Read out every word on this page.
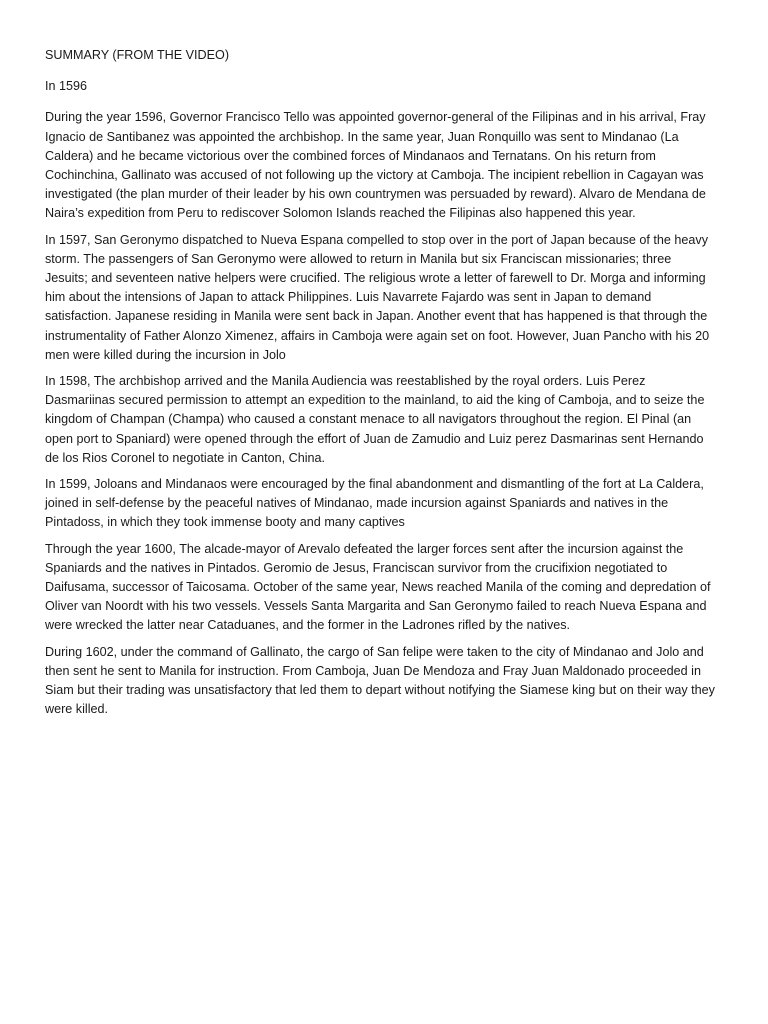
SUMMARY (FROM THE VIDEO)

In 1596

During the year 1596, Governor Francisco Tello was appointed governor-general of the Filipinas and in his arrival, Fray Ignacio de Santibanez was appointed the archbishop. In the same year, Juan Ronquillo was sent to Mindanao (La Caldera) and he became victorious over the combined forces of Mindanaos and Ternatans. On his return from Cochinchina, Gallinato was accused of not following up the victory at Camboja. The incipient rebellion in Cagayan was investigated (the plan murder of their leader by his own countrymen was persuaded by reward). Alvaro de Mendana de Naira’s expedition from Peru to rediscover Solomon Islands reached the Filipinas also happened this year.

In 1597, San Geronymo dispatched to Nueva Espana compelled to stop over in the port of Japan because of the heavy storm. The passengers of San Geronymo were allowed to return in Manila but six Franciscan missionaries; three Jesuits; and seventeen native helpers were crucified. The religious wrote a letter of farewell to Dr. Morga and informing him about the intensions of Japan to attack Philippines. Luis Navarrete Fajardo was sent in Japan to demand satisfaction. Japanese residing in Manila were sent back in Japan. Another event that has happened is that through the instrumentality of Father Alonzo Ximenez, affairs in Camboja were again set on foot. However, Juan Pancho with his 20 men were killed during the incursion in Jolo

In 1598, The archbishop arrived and the Manila Audiencia was reestablished by the royal orders. Luis Perez Dasmariinas secured permission to attempt an expedition to the mainland, to aid the king of Camboja, and to seize the kingdom of Champan (Champa) who caused a constant menace to all navigators throughout the region. El Pinal (an open port to Spaniard) were opened through the effort of Juan de Zamudio and Luiz perez Dasmarinas sent Hernando de los Rios Coronel to negotiate in Canton, China.

In 1599, Joloans and Mindanaos were encouraged by the final abandonment and dismantling of the fort at La Caldera, joined in self-defense by the peaceful natives of Mindanao, made incursion against Spaniards and natives in the Pintadoss, in which they took immense booty and many captives

Through the year 1600, The alcade-mayor of Arevalo defeated the larger forces sent after the incursion against the Spaniards and the natives in Pintados. Geromio de Jesus, Franciscan survivor from the crucifixion negotiated to Daifusama, successor of Taicosama. October of the same year, News reached Manila of the coming and depredation of Oliver van Noordt with his two vessels. Vessels Santa Margarita and San Geronymo failed to reach Nueva Espana and were wrecked the latter near Cataduanes, and the former in the Ladrones rifled by the natives.

During 1602, under the command of Gallinato, the cargo of San felipe were taken to the city of Mindanao and Jolo and then sent he sent to Manila for instruction. From Camboja, Juan De Mendoza and Fray Juan Maldonado proceeded in Siam but their trading was unsatisfactory that led them to depart without notifying the Siamese king but on their way they were killed.
